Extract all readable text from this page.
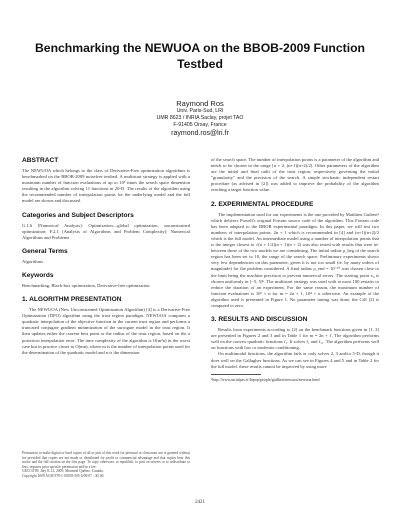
Benchmarking the NEWUOA on the BBOB-2009 Function Testbed
Raymond Ros
Univ. Paris-Sud, LRI
UMR 8623 / INRIA Saclay, projet TAO
F-91405 Orsay, France
raymond.ros@lri.fr
ABSTRACT

The NEWUOA which belongs to the class of Derivative-Free optimization algorithms is benchmarked on the BBOB-2009 noisefree testbed. A multistart strategy is applied with a maximum number of function evaluations of up to 10⁵ times the search space dimension resulting in the algorithm solving 11 functions in 20-D. The results of the algorithm using the recommended number of interpolation points for the underlying model and the full model are shown and discussed.

Categories and Subject Descriptors

G.1.6 [Numerical Analysis]: Optimization—global optimization, unconstrained optimization; F.2.1 [Analysis of Algorithms and Problem Complexity]: Numerical Algorithms and Problems

General Terms

Algorithms

Keywords

Benchmarking, Black-box optimization, Derivative-free optimization

1. ALGORITHM PRESENTATION

The NEWUOA (New Unconstrained Optimization Algorithm) [4] is a Derivative-Free Optimization (DFO) algorithm using the trust region paradigm. NEWUOA computes a quadratic interpolation of the objective function in the current trust region and performs a truncated conjugate gradient minimization of the surrogate model in the trust region. It then updates either the current best point or the radius of the trust region, based on the a posteriori interpolation error. The time complexity of the algorithm is O(m³n) in the worst case but in practice closer to O(mn), where m is the number of interpolation points used for the determination of the quadratic model and n is the dimension

Permission to make digital or hard copies of all or part of this work for personal or classroom use is granted without fee provided that copies are not made or distributed for profit or commercial advantage and that copies bear this notice and the full citation on the first page. To copy otherwise, to republish, to post on servers or to redistribute to lists, requires prior specific permission and/or a fee.

GECCO'09, July 8–12, 2009, Montréal Québec, Canada.

Copyright 2009 ACM 978-1-60558-505-5/09/07 ...$5.00.

of the search space. The number of interpolation points is a parameter of the algorithm and needs to be chosen in the range [n + 2, (n+1)(n+2)/2]. Other parameters of the algorithm are the initial and final radii of the trust region, respectively governing the initial "granularity" and the precision of the search. A simple stochastic independent restart procedure (as advised in [2]) was added to improve the probability of the algorithm reaching a target function value.

2. EXPERIMENTAL PROCEDURE

The implementation used for our experiments is the one provided by Matthieu Guibert¹ which delivers Powell's original Fortran source code of the algorithm. This Fortran code has been adapted to the BBOB experimental paradigm. In this paper, we will test two numbers of interpolation points. 2n + 1 which is recommended in [4] and (n+1)(n+2)/2 which is the full model. An intermediate model using a number of interpolation points that is the integer closest to √(n + 1/2)(n + 1)(n + 2) was also tested with results that were in-between those of the two models we are considering. The initial radius ρ_beg of the search region has been set to 10, the range of the search space. Preliminary experiments shows very few dependencies on this parameter, given it is not too small (ie. by many orders of magnitude) for the problem considered. A final radius ρ_end = 10⁻¹⁰ was chosen close to the limit being the machine precision to prevent numerical errors. The starting point x₀ is chosen uniformly in [−5, 5]ⁿ. The multistart strategy was used with at most 100 restarts to reduce the duration of an experiment. For the same reason, the maximum number of function evaluations is 10⁵ × n for m = 2n + 1, 10⁴ × n otherwise. An example of the algorithm used is presented in Figure 1. No parameter tuning was done, the CrE [2] is computed to zero.

3. RESULTS AND DISCUSSION

Results from experiments according to [2] on the benchmark functions given in [1, 3] are presented in Figures 2 and 3 and in Table 1 for m = 2n + 1. The algorithm performs well on the convex quadratic functions f₁. It solves f₁ and f₁₁. The algorithm performs well on functions with low or moderate conditioning.

On multimodal functions, the algorithm fails or only solves 2, 3 and/or 5-D, though it does well on the Gallagher functions. As we can see in Figures 4 and 5 and in Table 2 for the full model, these results cannot be improved by using more

¹http://www.inrialpes.fr/bipop/people/guilbert/newuoa/newuoa.html

2421
